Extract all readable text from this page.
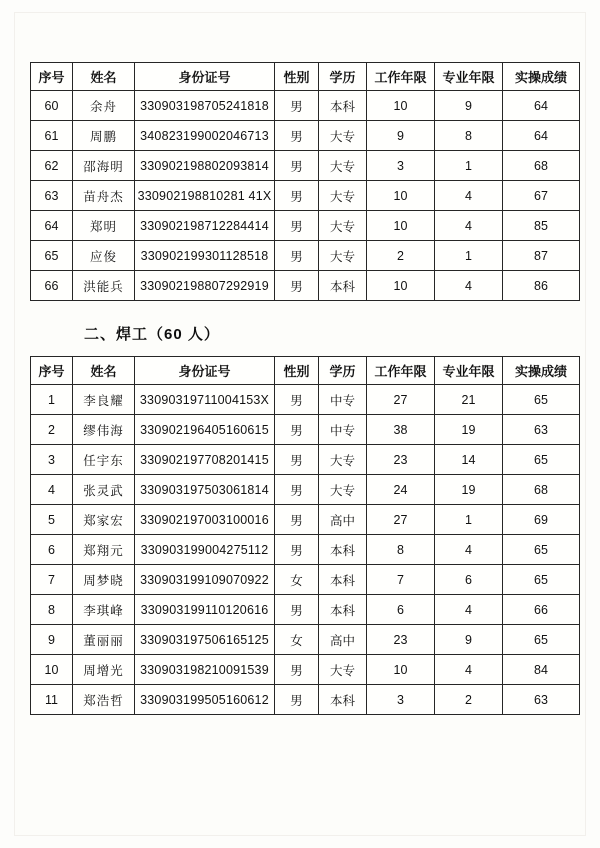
序号	姓名	身份证号	性别	学历	工作年限	专业年限	实操成绩
60	余舟	330903198705241818	男	本科	10	9	64
61	周鹏	340823199002046713	男	大专	9	8	64
62	邵海明	330902198802093814	男	大专	3	1	68
63	苗舟杰	330902198810281 41X	男	大专	10	4	67
64	郑明	330902198712284414	男	大专	10	4	85
65	应俊	330902199301128518	男	大专	2	1	87
66	洪能兵	330902198807292919	男	本科	10	4	86
二、焊工（60 人）
序号	姓名	身份证号	性别	学历	工作年限	专业年限	实操成绩
1	李良耀	33090319711004153X	男	中专	27	21	65
2	缪伟海	330902196405160615	男	中专	38	19	63
3	任宇东	330902197708201415	男	大专	23	14	65
4	张灵武	330903197503061814	男	大专	24	19	68
5	郑家宏	330902197003100016	男	高中	27	1	69
6	郑翔元	330903199004275112	男	本科	8	4	65
7	周梦晓	330903199109070922	女	本科	7	6	65
8	李琪峰	330903199110120616	男	本科	6	4	66
9	董丽丽	330903197506165125	女	高中	23	9	65
10	周增光	330903198210091539	男	大专	10	4	84
11	郑浩哲	330903199505160612	男	本科	3	2	63
